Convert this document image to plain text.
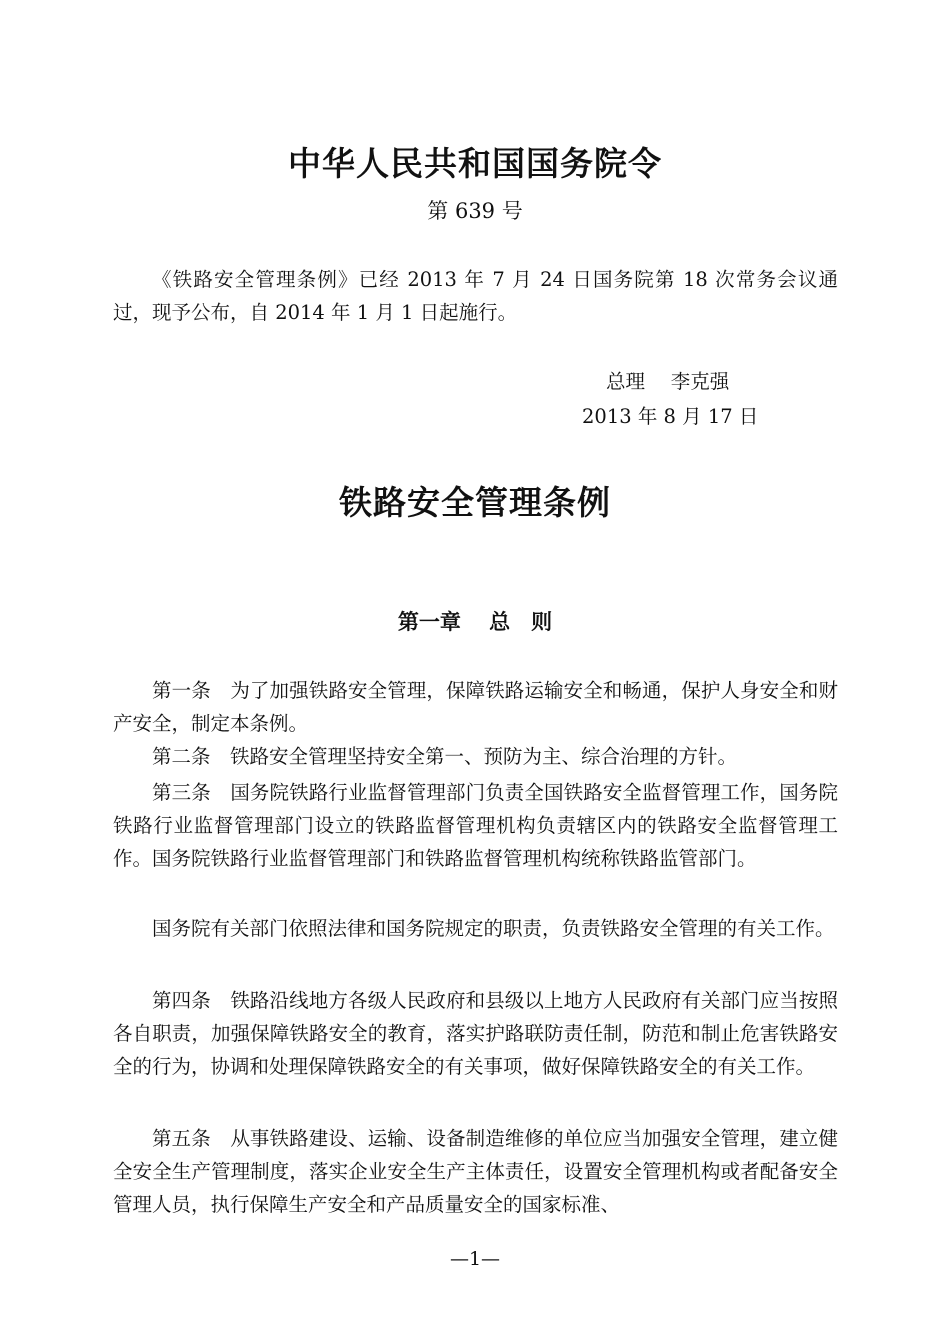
中华人民共和国国务院令
第 639 号

《铁路安全管理条例》已经 2013 年 7 月 24 日国务院第 18 次常务会议通过，现予公布，自 2014 年 1 月 1 日起施行。

总理　 李克强
2013 年 8 月 17 日
铁路安全管理条例
第一章　 总　则

第一条 为了加强铁路安全管理，保障铁路运输安全和畅通，保护人身安全和财产安全，制定本条例。

第二条 铁路安全管理坚持安全第一、预防为主、综合治理的方针。

第三条 国务院铁路行业监督管理部门负责全国铁路安全监督管理工作，国务院铁路行业监督管理部门设立的铁路监督管理机构负责辖区内的铁路安全监督管理工作。国务院铁路行业监督管理部门和铁路监督管理机构统称铁路监管部门。

国务院有关部门依照法律和国务院规定的职责，负责铁路安全管理的有关工作。

第四条 铁路沿线地方各级人民政府和县级以上地方人民政府有关部门应当按照各自职责，加强保障铁路安全的教育，落实护路联防责任制，防范和制止危害铁路安全的行为，协调和处理保障铁路安全的有关事项，做好保障铁路安全的有关工作。

第五条 从事铁路建设、运输、设备制造维修的单位应当加强安全管理，建立健全安全生产管理制度，落实企业安全生产主体责任，设置安全管理机构或者配备安全管理人员，执行保障生产安全和产品质量安全的国家标准、

—1—
